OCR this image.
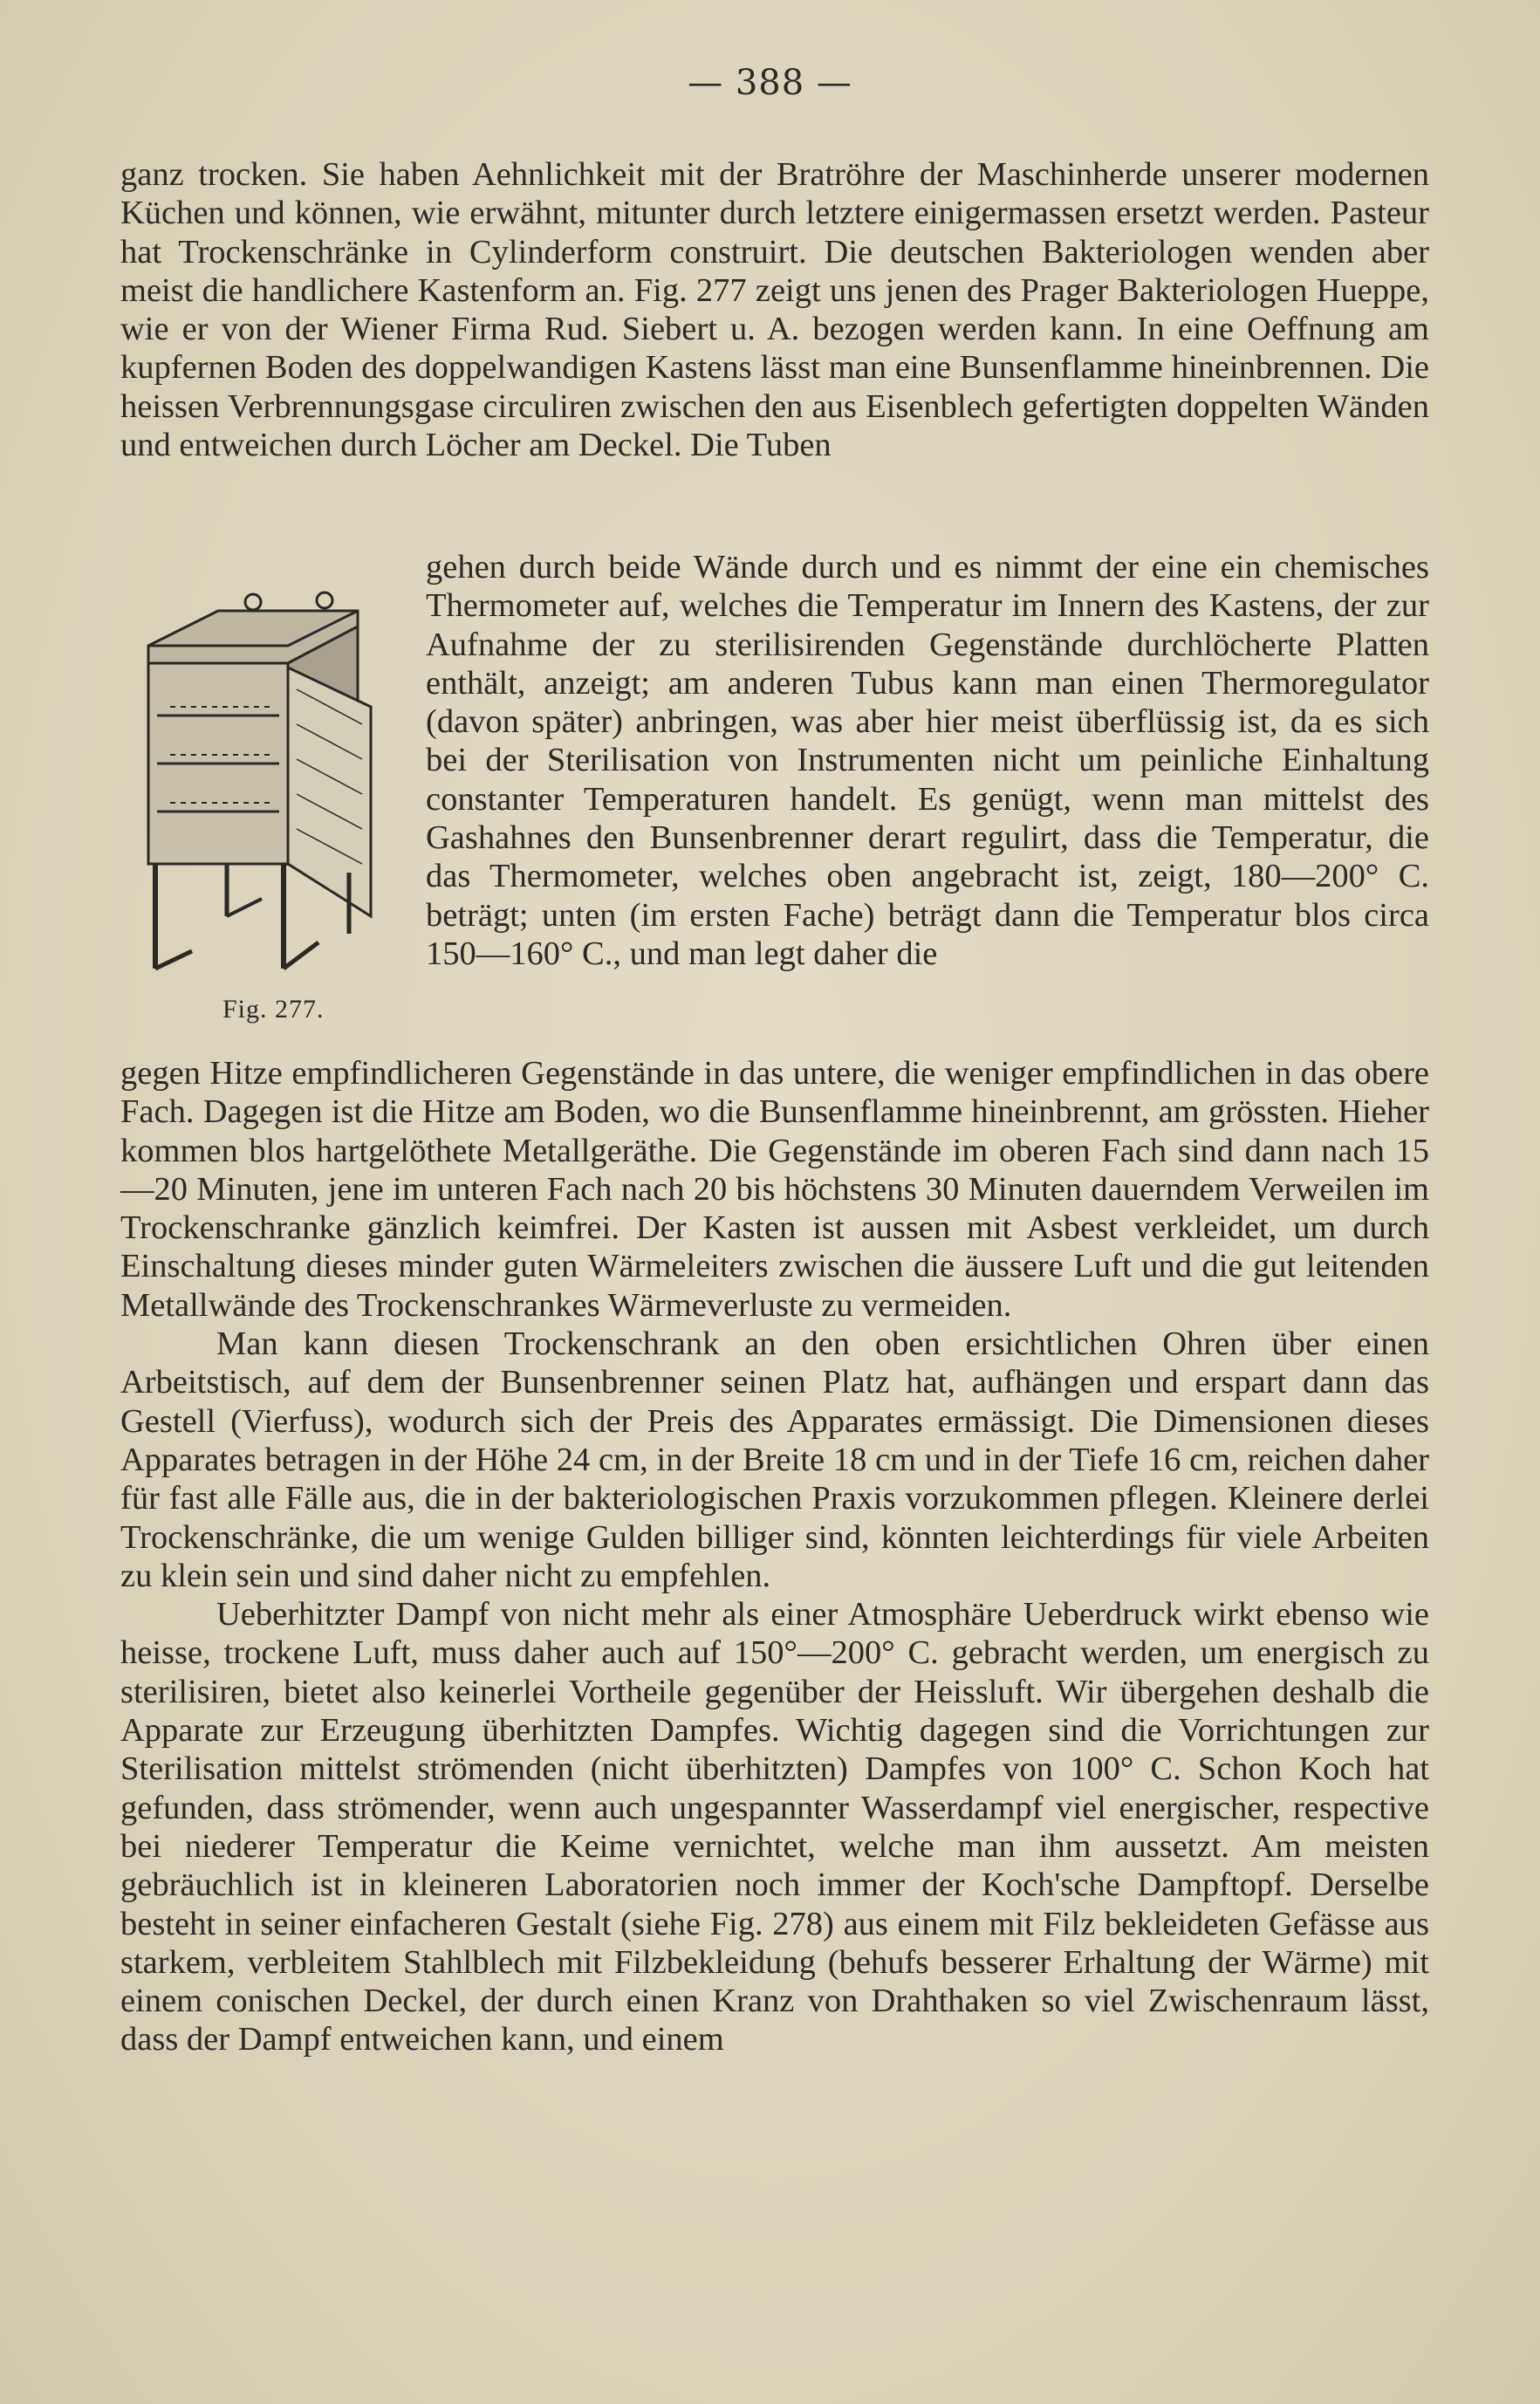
— 388 —

ganz trocken. Sie haben Aehnlichkeit mit der Bratröhre der Maschinherde unserer modernen Küchen und können, wie erwähnt, mitunter durch letztere einigermassen ersetzt werden. Pasteur hat Trockenschränke in Cylinderform construirt. Die deutschen Bakteriologen wenden aber meist die handlichere Kastenform an. Fig. 277 zeigt uns jenen des Prager Bakteriologen Hueppe, wie er von der Wiener Firma Rud. Siebert u. A. bezogen werden kann. In eine Oeffnung am kupfernen Boden des doppelwandigen Kastens lässt man eine Bunsenflamme hineinbrennen. Die heissen Verbrennungsgase circuliren zwischen den aus Eisenblech gefertigten doppelten Wänden und entweichen durch Löcher am Deckel. Die Tuben

Fig. 277.

gehen durch beide Wände durch und es nimmt der eine ein chemisches Thermometer auf, welches die Temperatur im Innern des Kastens, der zur Aufnahme der zu sterilisirenden Gegenstände durchlöcherte Platten enthält, anzeigt; am anderen Tubus kann man einen Thermoregulator (davon später) anbringen, was aber hier meist überflüssig ist, da es sich bei der Sterilisation von Instrumenten nicht um peinliche Einhaltung constanter Temperaturen handelt. Es genügt, wenn man mittelst des Gashahnes den Bunsenbrenner derart regulirt, dass die Temperatur, die das Thermometer, welches oben angebracht ist, zeigt, 180—200° C. beträgt; unten (im ersten Fache) beträgt dann die Temperatur blos circa 150—160° C., und man legt daher die

gegen Hitze empfindlicheren Gegenstände in das untere, die weniger empfindlichen in das obere Fach. Dagegen ist die Hitze am Boden, wo die Bunsenflamme hineinbrennt, am grössten. Hieher kommen blos hartgelöthete Metallgeräthe. Die Gegenstände im oberen Fach sind dann nach 15—20 Minuten, jene im unteren Fach nach 20 bis höchstens 30 Minuten dauerndem Verweilen im Trockenschranke gänzlich keimfrei. Der Kasten ist aussen mit Asbest verkleidet, um durch Einschaltung dieses minder guten Wärmeleiters zwischen die äussere Luft und die gut leitenden Metallwände des Trockenschrankes Wärmeverluste zu vermeiden.

Man kann diesen Trockenschrank an den oben ersichtlichen Ohren über einen Arbeitstisch, auf dem der Bunsenbrenner seinen Platz hat, aufhängen und erspart dann das Gestell (Vierfuss), wodurch sich der Preis des Apparates ermässigt. Die Dimensionen dieses Apparates betragen in der Höhe 24 cm, in der Breite 18 cm und in der Tiefe 16 cm, reichen daher für fast alle Fälle aus, die in der bakteriologischen Praxis vorzukommen pflegen. Kleinere derlei Trockenschränke, die um wenige Gulden billiger sind, könnten leichterdings für viele Arbeiten zu klein sein und sind daher nicht zu empfehlen.

Ueberhitzter Dampf von nicht mehr als einer Atmosphäre Ueberdruck wirkt ebenso wie heisse, trockene Luft, muss daher auch auf 150°—200° C. gebracht werden, um energisch zu sterilisiren, bietet also keinerlei Vortheile gegenüber der Heissluft. Wir übergehen deshalb die Apparate zur Erzeugung überhitzten Dampfes. Wichtig dagegen sind die Vorrichtungen zur Sterilisation mittelst strömenden (nicht überhitzten) Dampfes von 100° C. Schon Koch hat gefunden, dass strömender, wenn auch ungespannter Wasserdampf viel energischer, respective bei niederer Temperatur die Keime vernichtet, welche man ihm aussetzt. Am meisten gebräuchlich ist in kleineren Laboratorien noch immer der Koch'sche Dampftopf. Derselbe besteht in seiner einfacheren Gestalt (siehe Fig. 278) aus einem mit Filz bekleideten Gefässe aus starkem, verbleitem Stahlblech mit Filzbekleidung (behufs besserer Erhaltung der Wärme) mit einem conischen Deckel, der durch einen Kranz von Drahthaken so viel Zwischenraum lässt, dass der Dampf entweichen kann, und einem
